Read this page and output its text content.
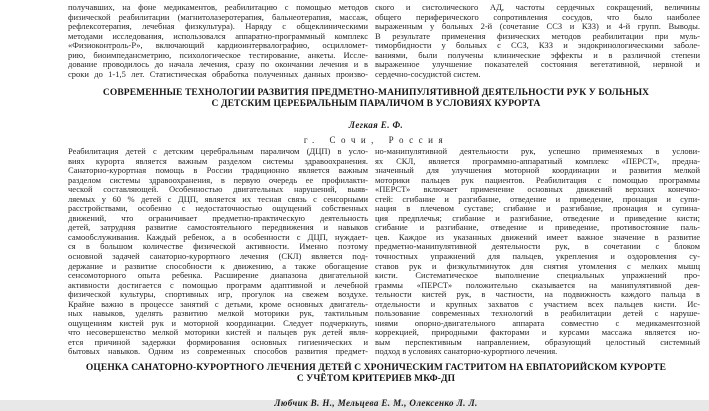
получавших, на фоне медикаментов, реабилитацию с помощью методов
физической реабилитации (магнитолазеротерапия, бальнеотерапия, массаж,
рефлексотерапия, лечебная физкультура). Наряду с общеклиническими
методами исследования, использовался аппаратно-программный комплекс
«Физиоконтроль-Р», включающий кардиоинтервалографию, осцилломет-
рию, биоимпедансметрию, психологическое тестирование, анкеты. Иссле-
дование проводилось до начала лечения, сразу по окончании лечения и в
сроки до 1-1,5 лет. Статистическая обработка полученных данных произво-
ского и систолического АД, частоты сердечных сокращений, величины
общего периферического сопротивления сосудов, что было наиболее
выраженным у больных 2-й (сочетание ССЗ и КЗЗ) и 4-й групп. Выводы.
В результате применения физических методов реабилитации при муль-
тиморбидности у больных с ССЗ, КЗЗ и эндокринологическими заболе-
ваниями, были получены клинические эффекты и в различной степени
выраженное улучшение показателей состояния вегетативной, нервной и
сердечно-сосудистой систем.
СОВРЕМЕННЫЕ ТЕХНОЛОГИИ РАЗВИТИЯ ПРЕДМЕТНО-МАНИПУЛЯТИВНОЙ ДЕЯТЕЛЬНОСТИ РУК У БОЛЬНЫХ
С ДЕТСКИМ ЦЕРЕБРАЛЬНЫМ ПАРАЛИЧОМ В УСЛОВИЯХ КУРОРТА
Легкая Е. Ф.
г. Сочи, Россия
Реабилитация детей с детским церебральным параличом (ДЦП) в усло-
виях курорта является важным разделом системы здравоохранения.
Санаторно-курортная помощь в России традиционно является важным
разделом системы здравоохранения, в первую очередь ее профилакти-
ческой составляющей. Особенностью двигательных нарушений, выяв-
ляемых у 60 % детей с ДЦП, является их тесная связь с сенсорными
расстройствами, особенно с недостаточностью ощущений собственных
движений, что ограничивает предметно-практическую деятельность
детей, затрудняя развитие самостоятельного передвижения и навыков
самообслуживания. Каждый ребенок, а в особенности с ДЦП, нуждает-
ся в большом количестве физической активности. Именно поэтому
основной задачей санаторно-курортного лечения (СКЛ) является под-
держание и развитие способности к движению, а также обогащение
сенсомоторного опыта ребенка. Расширение диапазона двигательной
активности достигается с помощью программ адаптивной и лечебной
физической культуры, спортивных игр, прогулок на свежем воздухе.
Крайне важно в процессе занятий с детьми, кроме основных двигатель-
ных навыков, уделять развитию мелкой моторики рук, тактильным
ощущениям кистей рук и моторной координации. Следует подчеркнуть,
что несовершенство мелкой моторики кистей и пальцев рук детей явля-
ется причиной задержки формирования основных гигиенических и
бытовых навыков. Одним из современных способов развития предмет-
но-манипулятивной деятельности рук, успешно применяемых в услови-
ях СКЛ, является программно-аппаратный комплекс «ПЕРСТ», предна-
значенный для улучшения моторной координации и развития мелкой
моторики пальцев рук пациентов. Реабилитация с помощью программы
«ПЕРСТ» включает применение основных движений верхних конечно-
стей: сгибание и разгибание, отведение и приведение, пронация и супи-
нация в плечевом суставе; сгибание и разгибание, пронация и супина-
ция предплечья; сгибание и разгибание, отведение и приведение кисти;
сгибание и разгибание, отведение и приведение, противостояние паль-
цев. Каждое из указанных движений имеет важное значение в развитие
предметно-манипулятивной деятельности рук, в сочетании с блоком
точностных упражнений для пальцев, укрепления и оздоровления су-
ставов рук и физкультминуток для снятия утомления с мелких мышц
кисти. Систематическое выполнение специальных упражнений про-
граммы «ПЕРСТ» положительно сказывается на манипулятивной дея-
тельности кистей рук, в частности, на подвижность каждого пальца в
отдельности и крупных захватов с участием всех пальцев кисти. Ис-
пользование современных технологий в реабилитации детей с наруше-
ниями опорно-двигательного аппарата совместно с медикаментозной
коррекцией, природными факторами и курсами массажа является но-
вым перспективным направлением, образующий целостный системный
подход в условиях санаторно-курортного лечения.
ОЦЕНКА САНАТОРНО-КУРОРТНОГО ЛЕЧЕНИЯ ДЕТЕЙ С ХРОНИЧЕСКИМ ГАСТРИТОМ НА ЕВПАТОРИЙСКОМ КУРОРТЕ
С УЧЁТОМ КРИТЕРИЕВ МКФ-ДП
Любчик В. Н., Мельцева Е. М., Олексенко Л. Л.
